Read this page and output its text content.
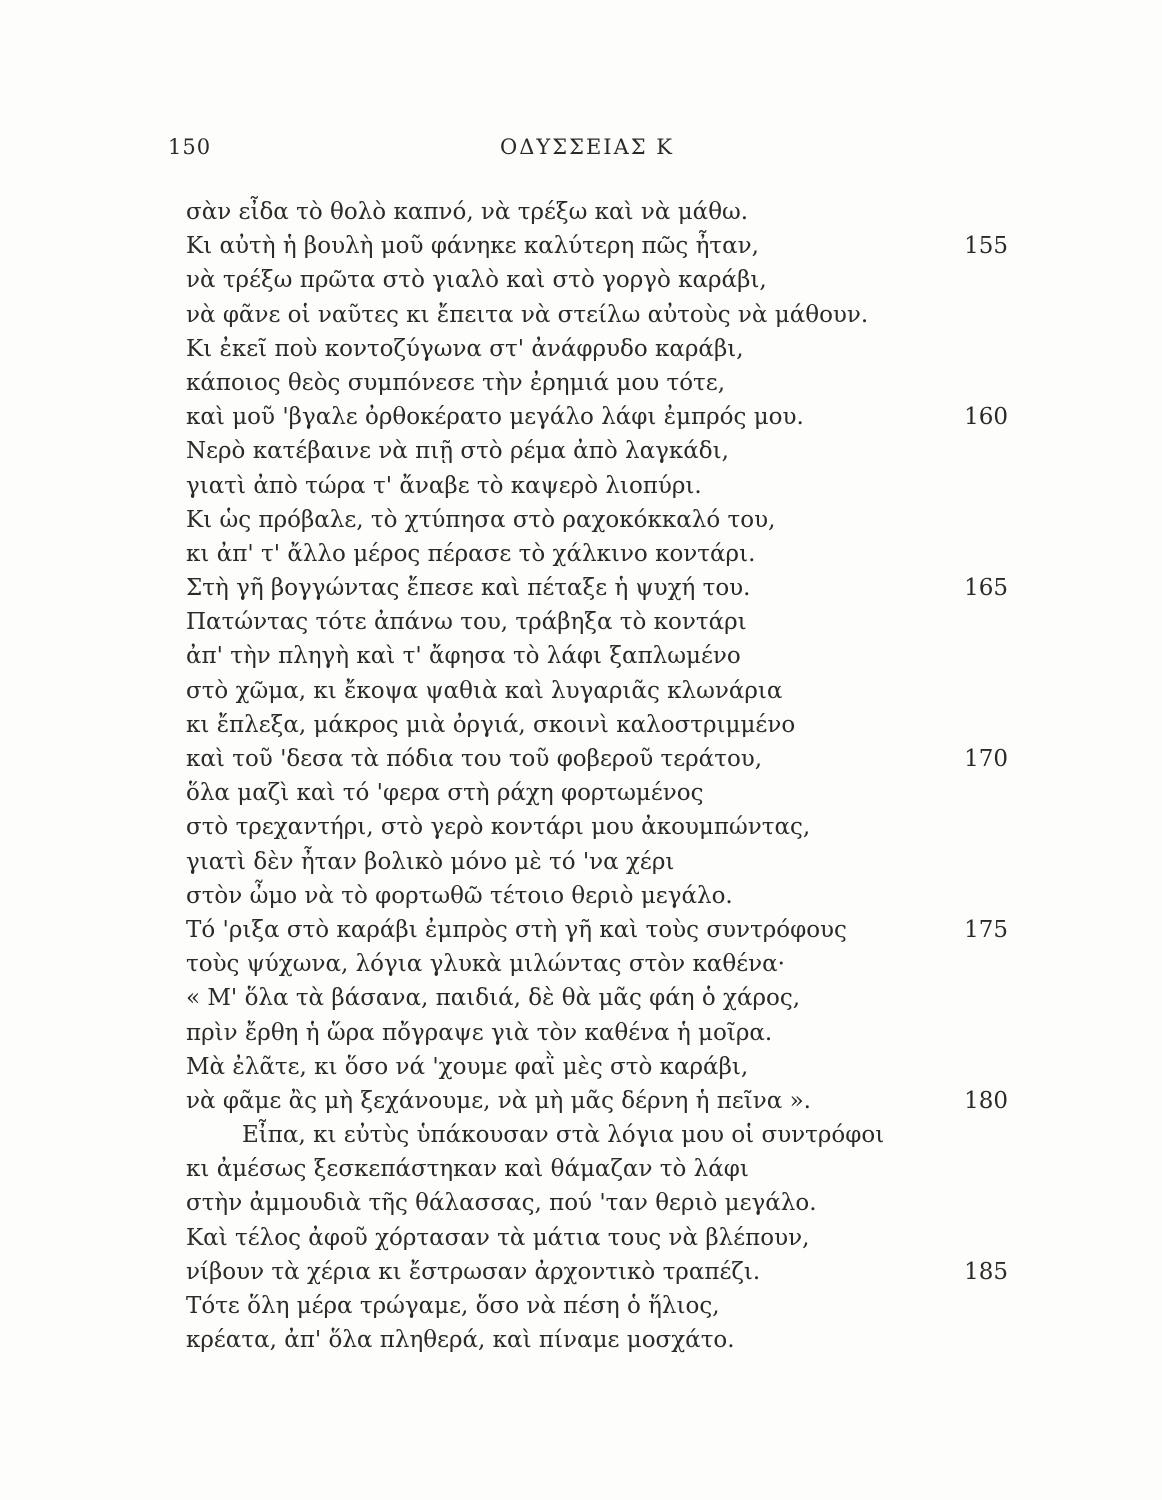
150	ΟΔΥΣΣΕΙΑΣ Κ
σὰν εἶδα τὸ θολὸ καπνό, νὰ τρέξω καὶ νὰ μάθω.
Κι αὐτὴ ἡ βουλὴ μοῦ φάνηκε καλύτερη πῶς ἦταν,	155
νὰ τρέξω πρῶτα στὸ γιαλὸ καὶ στὸ γοργὸ καράβι,
νὰ φᾶνε οἱ ναῦτες κι ἔπειτα νὰ στείλω αὐτοὺς νὰ μάθουν.
Κι ἐκεῖ ποὺ κοντοζύγωνα στ' ἀνάφρυδο καράβι,
κάποιος θεὸς συμπόνεσε τὴν ἐρημιά μου τότε,
καὶ μοῦ 'βγαλε ὀρθοκέρατο μεγάλο λάφι ἐμπρός μου.	160
Νερὸ κατέβαινε νὰ πιῇ στὸ ρέμα ἀπὸ λαγκάδι,
γιατὶ ἀπὸ τώρα τ' ἄναβε τὸ καψερὸ λιοπύρι.
Κι ὡς πρόβαλε, τὸ χτύπησα στὸ ραχοκόκκαλό του,
κι ἀπ' τ' ἄλλο μέρος πέρασε τὸ χάλκινο κοντάρι.
Στὴ γῆ βογγώντας ἔπεσε καὶ πέταξε ἡ ψυχή του.	165
Πατώντας τότε ἀπάνω του, τράβηξα τὸ κοντάρι
ἀπ' τὴν πληγὴ καὶ τ' ἄφησα τὸ λάφι ξαπλωμένο
στὸ χῶμα, κι ἔκοψα ψαθιὰ καὶ λυγαριᾶς κλωνάρια
κι ἔπλεξα, μάκρος μιὰ ὀργιά, σκοινὶ καλοστριμμένο
καὶ τοῦ 'δεσα τὰ πόδια του τοῦ φοβεροῦ τεράτου,	170
ὅλα μαζὶ καὶ τό 'φερα στὴ ράχη φορτωμένος
στὸ τρεχαντήρι, στὸ γερὸ κοντάρι μου ἀκουμπώντας,
γιατὶ δὲν ἦταν βολικὸ μόνο μὲ τό 'να χέρι
στὸν ὦμο νὰ τὸ φορτωθῶ τέτοιο θεριὸ μεγάλο.
Τό 'ριξα στὸ καράβι ἐμπρὸς στὴ γῆ καὶ τοὺς συντρόφους	175
τοὺς ψύχωνα, λόγια γλυκὰ μιλώντας στὸν καθένα·
« Μ' ὅλα τὰ βάσανα, παιδιά, δὲ θὰ μᾶς φάη ὁ χάρος,
πρὶν ἔρθη ἡ ὥρα πὄγραψε γιὰ τὸν καθένα ἡ μοῖρα.
Μὰ ἐλᾶτε, κι ὅσο νά 'χουμε φαῒ μὲς στὸ καράβι,
νὰ φᾶμε ἂς μὴ ξεχάνουμε, νὰ μὴ μᾶς δέρνη ἡ πεῖνα ».	180
Εἶπα, κι εὐτὺς ὑπάκουσαν στὰ λόγια μου οἱ συντρόφοι
κι ἀμέσως ξεσκεπάστηκαν καὶ θάμαζαν τὸ λάφι
στὴν ἀμμουδιὰ τῆς θάλασσας, πού 'ταν θεριὸ μεγάλο.
Καὶ τέλος ἀφοῦ χόρτασαν τὰ μάτια τους νὰ βλέπουν,
νίβουν τὰ χέρια κι ἔστρωσαν ἀρχοντικὸ τραπέζι.	185
Τότε ὅλη μέρα τρώγαμε, ὅσο νὰ πέση ὁ ἥλιος,
κρέατα, ἀπ' ὅλα πληθερά, καὶ πίναμε μοσχάτο.
